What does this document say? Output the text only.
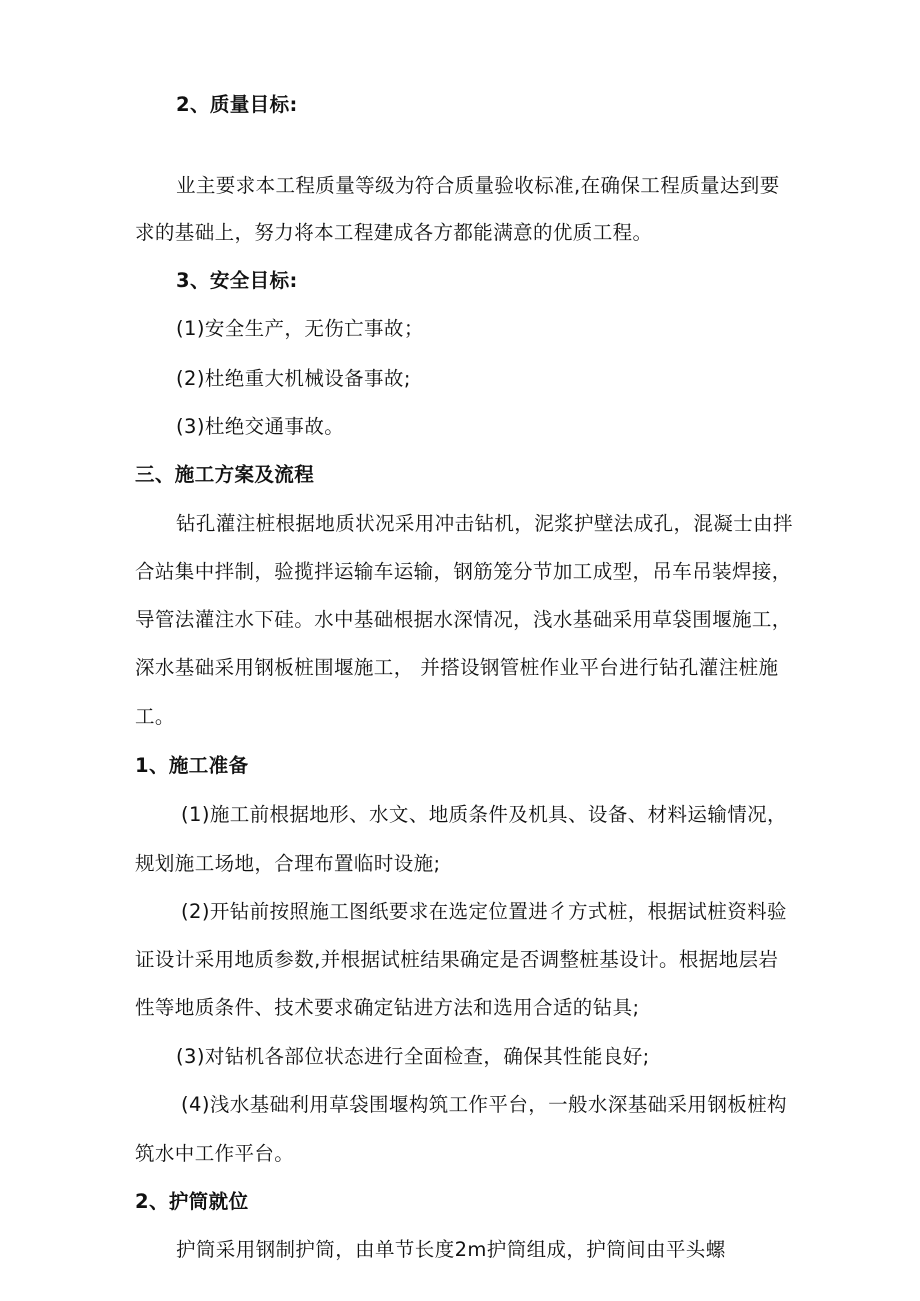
2、质量目标:
业主要求本工程质量等级为符合质量验收标准,在确保工程质量达到要
求的基础上，努力将本工程建成各方都能满意的优质工程。
3、安全目标:
(1)安全生产，无伤亡事故；
(2)杜绝重大机械设备事故;
(3)杜绝交通事故。
三、施工方案及流程
钻孔灌注桩根据地质状况采用冲击钻机，泥浆护壁法成孔，混凝士由拌
合站集中拌制，验揽拌运输车运输，钢筋笼分节加工成型，吊车吊装焊接，
导管法灌注水下硅。水中基础根据水深情况，浅水基础采用草袋围堰施工，
深水基础采用钢板桩围堰施工， 并搭设钢管桩作业平台进行钻孔灌注桩施
工。
1、施工准备
(1)施工前根据地形、水文、地质条件及机具、设备、材料运输情况，
规划施工场地，合理布置临时设施;
(2)开钻前按照施工图纸要求在选定位置进彳方式桩，根据试桩资料验
证设计采用地质参数,并根据试桩结果确定是否调整桩基设计。根据地层岩
性等地质条件、技术要求确定钻进方法和选用合适的钻具;
(3)对钻机各部位状态进行全面检查，确保其性能良好;
(4)浅水基础利用草袋围堰构筑工作平台，一般水深基础采用钢板桩构
筑水中工作平台。
2、护筒就位
护筒采用钢制护筒，由单节长度2m护筒组成，护筒间由平头螺
